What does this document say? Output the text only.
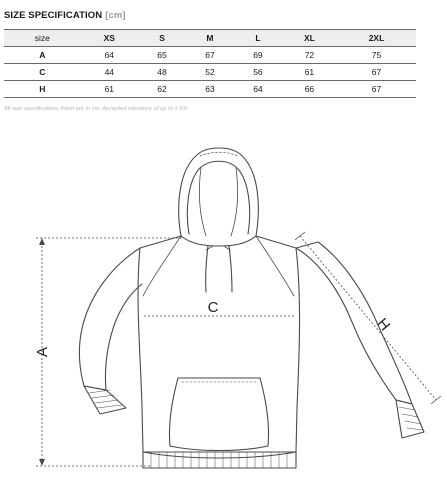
SIZE SPECIFICATION [cm]
size	XS	S	M	L	XL	2XL
A	64	65	67	69	72	75
C	44	48	52	56	61	67
H	61	62	63	64	66	67
All size specifications listed are in cm. Accepted tolerance of up to ± 5%
A
C
H
